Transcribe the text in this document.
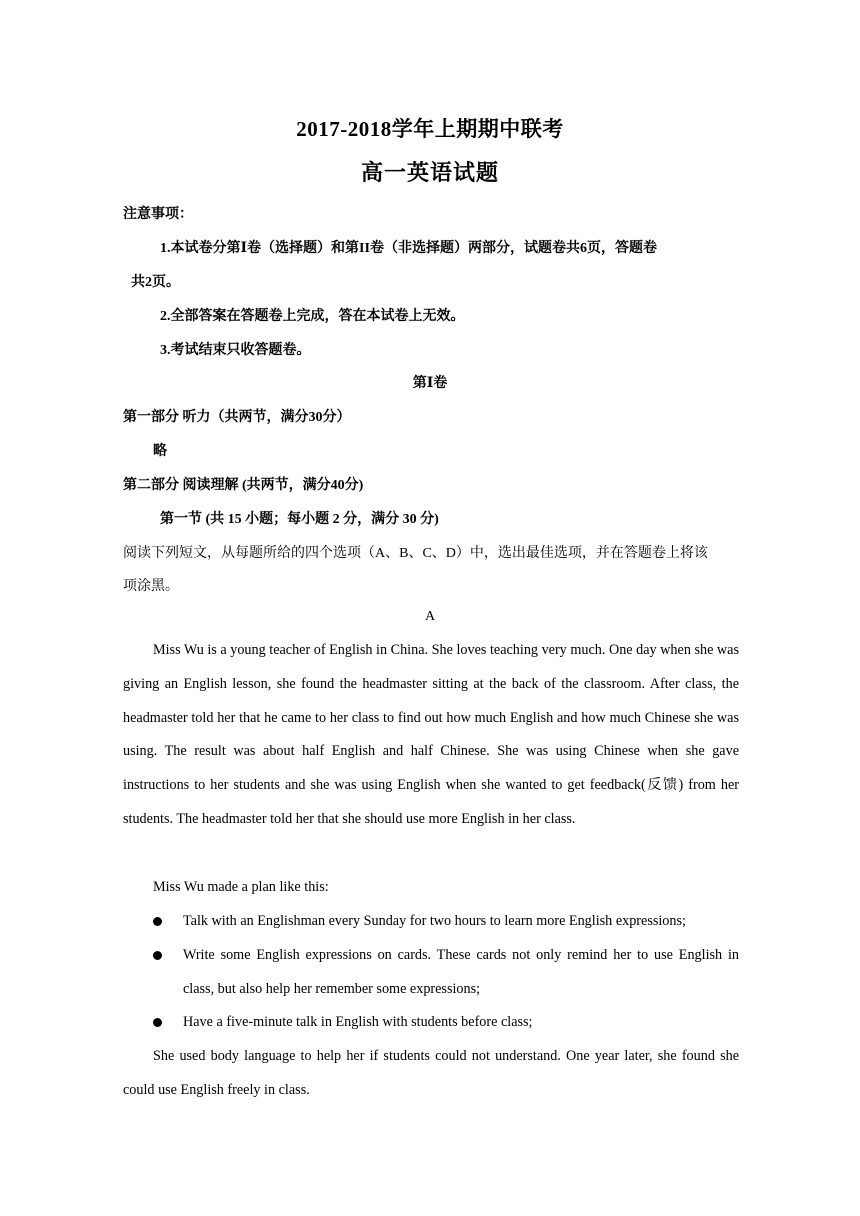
2017-2018学年上期期中联考
高一英语试题
注意事项：
1.本试卷分第Ⅰ卷（选择题）和第II卷（非选择题）两部分，试题卷共6页，答题卷
共2页。
2.全部答案在答题卷上完成，答在本试卷上无效。
3.考试结束只收答题卷。
第Ⅰ卷
第一部分 听力（共两节，满分30分）
略
第二部分 阅读理解 (共两节，满分40分)
第一节 (共 15 小题；每小题 2 分，满分 30 分)
阅读下列短文，从每题所给的四个选项（A、B、C、D）中，选出最佳选项，并在答题卷上将该
项涂黑。
A
Miss Wu is a young teacher of English in China. She loves teaching very much. One day when she was giving an English lesson, she found the headmaster sitting at the back of the classroom. After class, the headmaster told her that he came to her class to find out how much English and how much Chinese she was using. The result was about half English and half Chinese. She was using Chinese when she gave instructions to her students and she was using English when she wanted to get feedback(反馈) from her students. The headmaster told her that she should use more English in her class.
Miss Wu made a plan like this:
Talk with an Englishman every Sunday for two hours to learn more English expressions;
Write some English expressions on cards. These cards not only remind her to use English in class, but also help her remember some expressions;
Have a five-minute talk in English with students before class;
She used body language to help her if students could not understand. One year later, she found she could use English freely in class.
